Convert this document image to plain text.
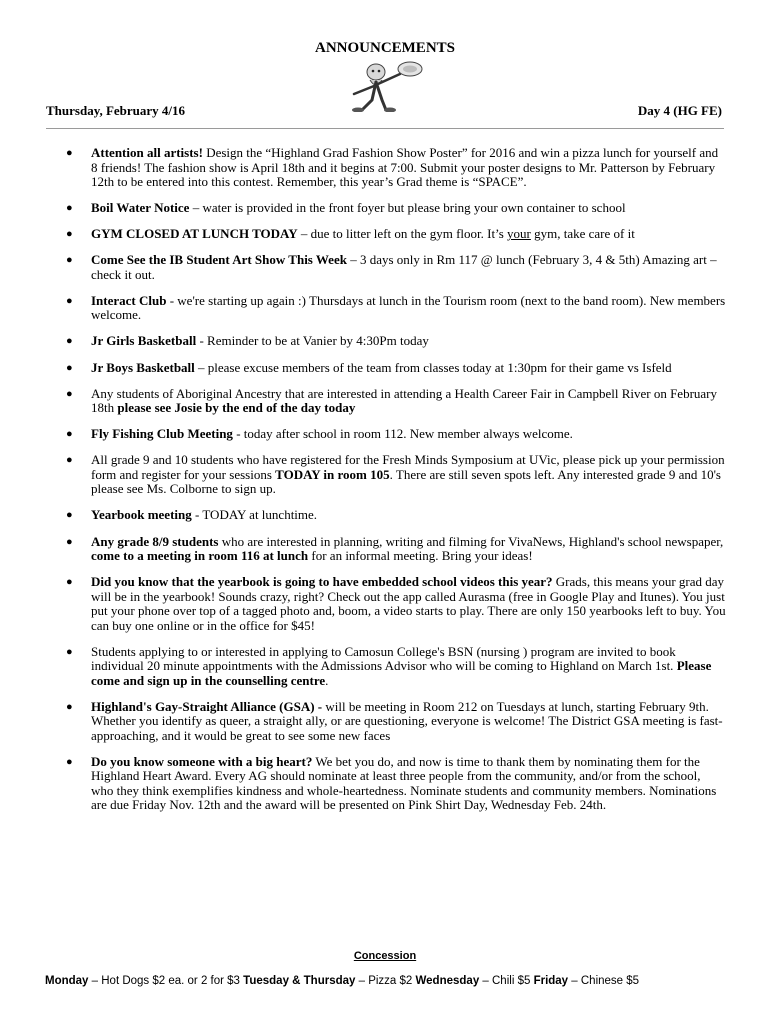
ANNOUNCEMENTS
Thursday, February 4/16	Day 4 (HG FE)
● Attention all artists! Design the “Highland Grad Fashion Show Poster” for 2016 and win a pizza lunch for yourself and 8 friends! The fashion show is April 18th and it begins at 7:00. Submit your poster designs to Mr. Patterson by February 12th to be entered into this contest. Remember, this year’s Grad theme is “SPACE”.
● Boil Water Notice – water is provided in the front foyer but please bring your own container to school
● GYM CLOSED AT LUNCH TODAY – due to litter left on the gym floor. It’s your gym, take care of it
● Come See the IB Student Art Show This Week – 3 days only in Rm 117 @ lunch (February 3, 4 & 5th) Amazing art – check it out.
● Interact Club - we're starting up again :) Thursdays at lunch in the Tourism room (next to the band room). New members welcome.
● Jr Girls Basketball - Reminder to be at Vanier by 4:30Pm today
● Jr Boys Basketball – please excuse members of the team from classes today at 1:30pm for their game vs Isfeld
● Any students of Aboriginal Ancestry that are interested in attending a Health Career Fair in Campbell River on February 18th please see Josie by the end of the day today
● Fly Fishing Club Meeting - today after school in room 112. New member always welcome.
● All grade 9 and 10 students who have registered for the Fresh Minds Symposium at UVic, please pick up your permission form and register for your sessions TODAY in room 105. There are still seven spots left. Any interested grade 9 and 10's please see Ms. Colborne to sign up.
● Yearbook meeting - TODAY at lunchtime.
● Any grade 8/9 students who are interested in planning, writing and filming for VivaNews, Highland's school newspaper, come to a meeting in room 116 at lunch for an informal meeting. Bring your ideas!
● Did you know that the yearbook is going to have embedded school videos this year? Grads, this means your grad day will be in the yearbook! Sounds crazy, right? Check out the app called Aurasma (free in Google Play and Itunes). You just put your phone over top of a tagged photo and, boom, a video starts to play. There are only 150 yearbooks left to buy. You can buy one online or in the office for $45!
● Students applying to or interested in applying to Camosun College's BSN (nursing ) program are invited to book individual 20 minute appointments with the Admissions Advisor who will be coming to Highland on March 1st. Please come and sign up in the counselling centre.
● Highland's Gay-Straight Alliance (GSA) - will be meeting in Room 212 on Tuesdays at lunch, starting February 9th. Whether you identify as queer, a straight ally, or are questioning, everyone is welcome! The District GSA meeting is fast-approaching, and it would be great to see some new faces
● Do you know someone with a big heart? We bet you do, and now is time to thank them by nominating them for the Highland Heart Award. Every AG should nominate at least three people from the community, and/or from the school, who they think exemplifies kindness and whole-heartedness. Nominate students and community members. Nominations are due Friday Nov. 12th and the award will be presented on Pink Shirt Day, Wednesday Feb. 24th.
Concession
Monday – Hot Dogs $2 ea. or 2 for $3 Tuesday & Thursday – Pizza $2 Wednesday – Chili $5 Friday – Chinese $5
